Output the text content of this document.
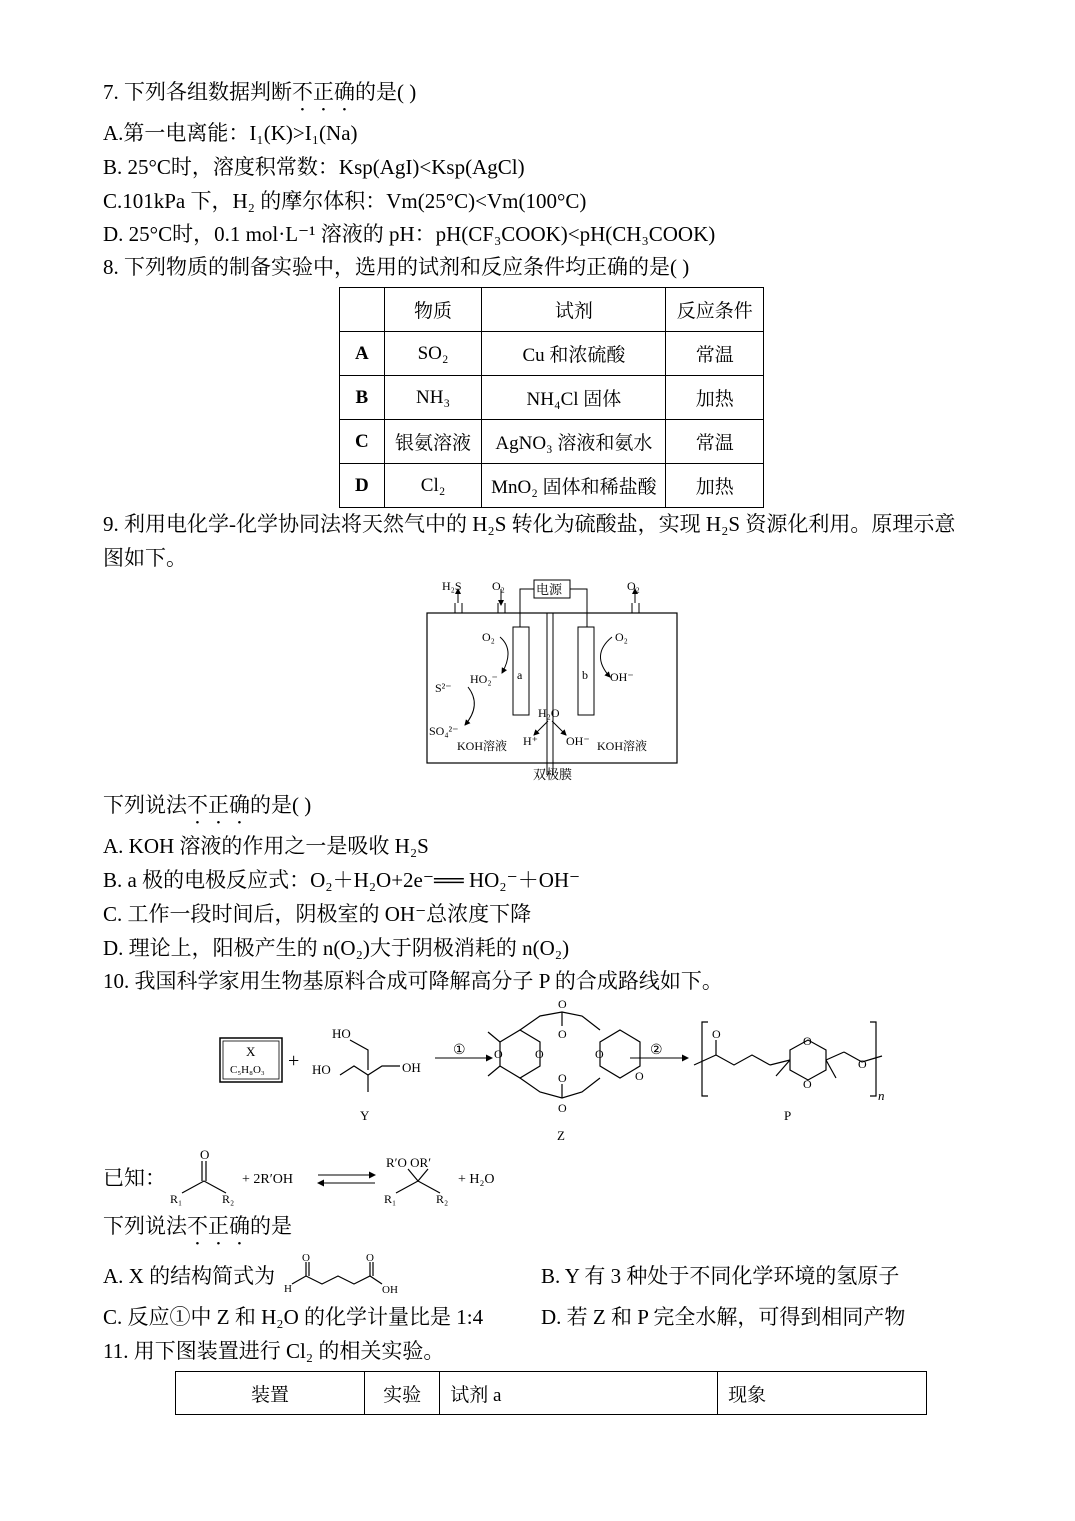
7. 下列各组数据判断不正确的是( )
A.第一电离能：I₁(K)>I₁(Na)
B. 25°C时，溶度积常数：Ksp(AgI)<Ksp(AgCl)
C.101kPa 下，H₂ 的摩尔体积：Vm(25°C)<Vm(100°C)
D. 25°C时，0.1 mol·L⁻¹ 溶液的 pH：pH(CF₃COOK)<pH(CH₃COOK)
8. 下列物质的制备实验中，选用的试剂和反应条件均正确的是( )
	物质	试剂	反应条件
A	SO₂	Cu 和浓硫酸	常温
B	NH₃	NH₄Cl 固体	加热
C	银氨溶液	AgNO₃ 溶液和氨水	常温
D	Cl₂	MnO₂ 固体和稀盐酸	加热
9. 利用电化学-化学协同法将天然气中的 H₂S 转化为硫酸盐，实现 H₂S 资源化利用。原理示意
图如下。
H₂S	O₂	O₂
电源
a	b
双极膜
O₂
HO₂⁻
S²⁻
SO₄²⁻
KOH溶液 H⁺
H₂O
O₂
OH⁻
OH⁻ KOH溶液
下列说法不正确的是( )
A. KOH 溶液的作用之一是吸收 H₂S
B. a 极的电极反应式：O₂＋H₂O+2e⁻══ HO₂⁻＋OH⁻
C. 工作一段时间后，阴极室的 OH⁻总浓度下降
D. 理论上，阳极产生的 n(O₂)大于阴极消耗的 n(O₂)
10. 我国科学家用生物基原料合成可降解高分子 P 的合成路线如下。
X
C₅H₈O₃ +
HO
HO	OH
Y
①
O
O
O
O
O	O	O
O
Z
②
O	O
O
O
n
P
已知：
O
R₁	R₂
+ 2R′OH
R′O OR′
R₁	R₂
+ H₂O
下列说法不正确的是
A. X 的结构简式为
O	O
H	OH
B. Y 有 3 种处于不同化学环境的氢原子
C. 反应①中 Z 和 H₂O 的化学计量比是 1:4	D. 若 Z 和 P 完全水解，可得到相同产物
11. 用下图装置进行 Cl₂ 的相关实验。
装置	实验	试剂 a	现象
